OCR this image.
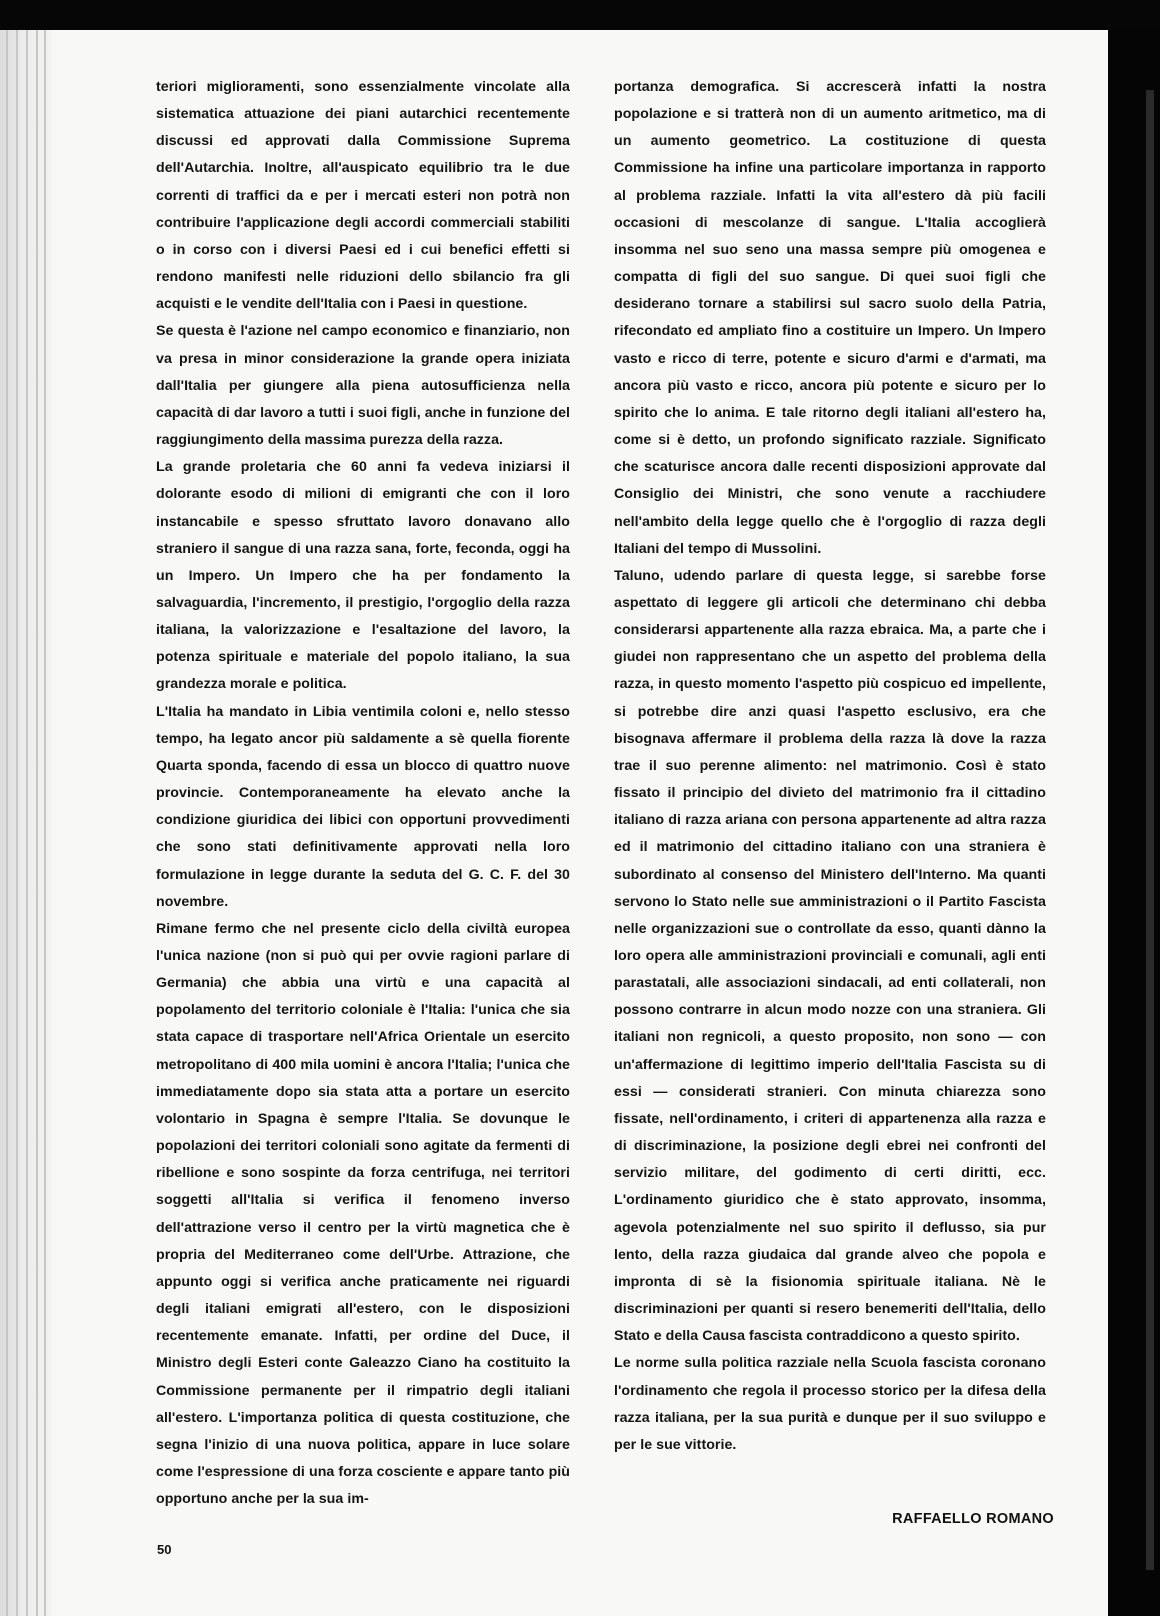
teriori miglioramenti, sono essenzialmente vincolate alla sistematica attuazione dei piani autarchici recentemente discussi ed approvati dalla Commissione Suprema dell'Autarchia. Inoltre, all'auspicato equilibrio tra le due correnti di traffici da e per i mercati esteri non potrà non contribuire l'applicazione degli accordi commerciali stabiliti o in corso con i diversi Paesi ed i cui benefici effetti si rendono manifesti nelle riduzioni dello sbilancio fra gli acquisti e le vendite dell'Italia con i Paesi in questione.

Se questa è l'azione nel campo economico e finanziario, non va presa in minor considerazione la grande opera iniziata dall'Italia per giungere alla piena autosufficienza nella capacità di dar lavoro a tutti i suoi figli, anche in funzione del raggiungimento della massima purezza della razza.

La grande proletaria che 60 anni fa vedeva iniziarsi il dolorante esodo di milioni di emigranti che con il loro instancabile e spesso sfruttato lavoro donavano allo straniero il sangue di una razza sana, forte, feconda, oggi ha un Impero. Un Impero che ha per fondamento la salvaguardia, l'incremento, il prestigio, l'orgoglio della razza italiana, la valorizzazione e l'esaltazione del lavoro, la potenza spirituale e materiale del popolo italiano, la sua grandezza morale e politica.

L'Italia ha mandato in Libia ventimila coloni e, nello stesso tempo, ha legato ancor più saldamente a sè quella fiorente Quarta sponda, facendo di essa un blocco di quattro nuove provincie. Contemporaneamente ha elevato anche la condizione giuridica dei libici con opportuni provvedimenti che sono stati definitivamente approvati nella loro formulazione in legge durante la seduta del G. C. F. del 30 novembre.

Rimane fermo che nel presente ciclo della civiltà europea l'unica nazione (non si può qui per ovvie ragioni parlare di Germania) che abbia una virtù e una capacità al popolamento del territorio coloniale è l'Italia: l'unica che sia stata capace di trasportare nell'Africa Orientale un esercito metropolitano di 400 mila uomini è ancora l'Italia; l'unica che immediatamente dopo sia stata atta a portare un esercito volontario in Spagna è sempre l'Italia. Se dovunque le popolazioni dei territori coloniali sono agitate da fermenti di ribellione e sono sospinte da forza centrifuga, nei territori soggetti all'Italia si verifica il fenomeno inverso dell'attrazione verso il centro per la virtù magnetica che è propria del Mediterraneo come dell'Urbe. Attrazione, che appunto oggi si verifica anche praticamente nei riguardi degli italiani emigrati all'estero, con le disposizioni recentemente emanate. Infatti, per ordine del Duce, il Ministro degli Esteri conte Galeazzo Ciano ha costituito la Commissione permanente per il rimpatrio degli italiani all'estero. L'importanza politica di questa costituzione, che segna l'inizio di una nuova politica, appare in luce solare come l'espressione di una forza cosciente e appare tanto più opportuno anche per la sua im-

portanza demografica. Si accrescerà infatti la nostra popolazione e si tratterà non di un aumento aritmetico, ma di un aumento geometrico. La costituzione di questa Commissione ha infine una particolare importanza in rapporto al problema razziale. Infatti la vita all'estero dà più facili occasioni di mescolanze di sangue. L'Italia accoglierà insomma nel suo seno una massa sempre più omogenea e compatta di figli del suo sangue. Di quei suoi figli che desiderano tornare a stabilirsi sul sacro suolo della Patria, rifecondato ed ampliato fino a costituire un Impero. Un Impero vasto e ricco di terre, potente e sicuro d'armi e d'armati, ma ancora più vasto e ricco, ancora più potente e sicuro per lo spirito che lo anima. E tale ritorno degli italiani all'estero ha, come si è detto, un profondo significato razziale. Significato che scaturisce ancora dalle recenti disposizioni approvate dal Consiglio dei Ministri, che sono venute a racchiudere nell'ambito della legge quello che è l'orgoglio di razza degli Italiani del tempo di Mussolini.

Taluno, udendo parlare di questa legge, si sarebbe forse aspettato di leggere gli articoli che determinano chi debba considerarsi appartenente alla razza ebraica. Ma, a parte che i giudei non rappresentano che un aspetto del problema della razza, in questo momento l'aspetto più cospicuo ed impellente, si potrebbe dire anzi quasi l'aspetto esclusivo, era che bisognava affermare il problema della razza là dove la razza trae il suo perenne alimento: nel matrimonio. Così è stato fissato il principio del divieto del matrimonio fra il cittadino italiano di razza ariana con persona appartenente ad altra razza ed il matrimonio del cittadino italiano con una straniera è subordinato al consenso del Ministero dell'Interno. Ma quanti servono lo Stato nelle sue amministrazioni o il Partito Fascista nelle organizzazioni sue o controllate da esso, quanti dànno la loro opera alle amministrazioni provinciali e comunali, agli enti parastatali, alle associazioni sindacali, ad enti collaterali, non possono contrarre in alcun modo nozze con una straniera. Gli italiani non regnicoli, a questo proposito, non sono — con un'affermazione di legittimo imperio dell'Italia Fascista su di essi — considerati stranieri. Con minuta chiarezza sono fissate, nell'ordinamento, i criteri di appartenenza alla razza e di discriminazione, la posizione degli ebrei nei confronti del servizio militare, del godimento di certi diritti, ecc. L'ordinamento giuridico che è stato approvato, insomma, agevola potenzialmente nel suo spirito il deflusso, sia pur lento, della razza giudaica dal grande alveo che popola e impronta di sè la fisionomia spirituale italiana. Nè le discriminazioni per quanti si resero benemeriti dell'Italia, dello Stato e della Causa fascista contraddicono a questo spirito.

Le norme sulla politica razziale nella Scuola fascista coronano l'ordinamento che regola il processo storico per la difesa della razza italiana, per la sua purità e dunque per il suo sviluppo e per le sue vittorie.

50
RAFFAELLO ROMANO
